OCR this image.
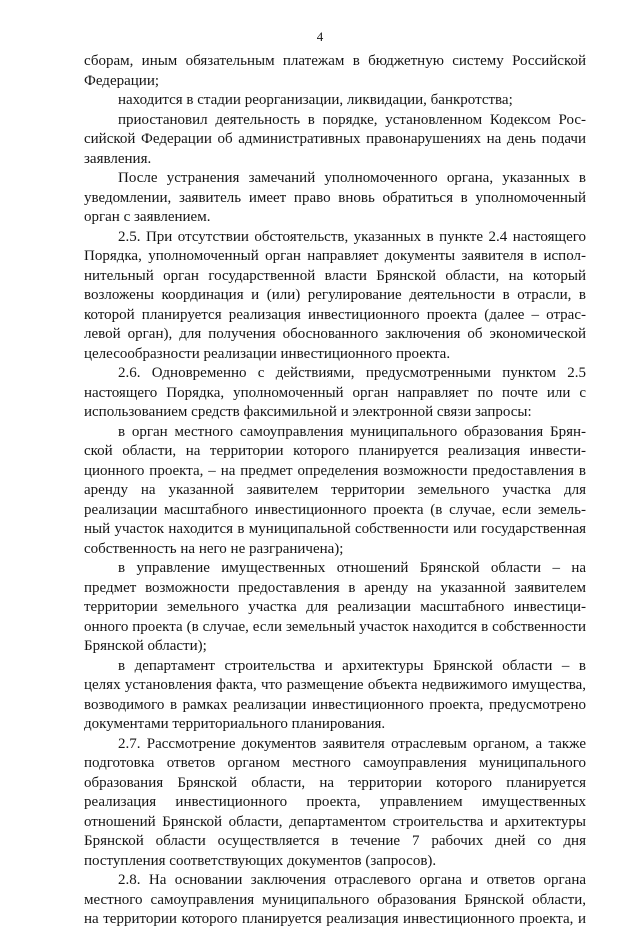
4
сборам, иным обязательным платежам в бюджетную систему Российской
Федерации;
находится в стадии реорганизации, ликвидации, банкротства;
приостановил деятельность в порядке, установленном Кодексом Рос-
сийской Федерации об административных правонарушениях на день подачи
заявления.
После устранения замечаний уполномоченного органа, указанных в
уведомлении, заявитель имеет право вновь обратиться в уполномоченный
орган с заявлением.
2.5. При отсутствии обстоятельств, указанных в пункте 2.4 настоящего
Порядка, уполномоченный орган направляет документы заявителя в испол-
нительный орган государственной власти Брянской области, на который
возложены координация и (или) регулирование деятельности в отрасли, в
которой планируется реализация инвестиционного проекта (далее – отрас-
левой орган), для получения обоснованного заключения об экономической
целесообразности реализации инвестиционного проекта.
2.6. Одновременно с действиями, предусмотренными пунктом 2.5
настоящего Порядка, уполномоченный орган направляет по почте или с
использованием средств факсимильной и электронной связи запросы:
в орган местного самоуправления муниципального образования Брян-
ской области, на территории которого планируется реализация инвести-
ционного проекта, – на предмет определения возможности предоставления в
аренду на указанной заявителем территории земельного участка для
реализации масштабного инвестиционного проекта (в случае, если земель-
ный участок находится в муниципальной собственности или государственная
собственность на него не разграничена);
в управление имущественных отношений Брянской области – на
предмет возможности предоставления в аренду на указанной заявителем
территории земельного участка для реализации масштабного инвестици-
онного проекта (в случае, если земельный участок находится в собственности
Брянской области);
в департамент строительства и архитектуры Брянской области – в
целях установления факта, что размещение объекта недвижимого имущества,
возводимого в рамках реализации инвестиционного проекта, предусмотрено
документами территориального планирования.
2.7. Рассмотрение документов заявителя отраслевым органом, а также
подготовка ответов органом местного самоуправления муниципального
образования Брянской области, на территории которого планируется
реализация инвестиционного проекта, управлением имущественных
отношений Брянской области, департаментом строительства и архитектуры
Брянской области осуществляется в течение 7 рабочих дней со дня
поступления соответствующих документов (запросов).
2.8. На основании заключения отраслевого органа и ответов органа
местного самоуправления муниципального образования Брянской области,
на территории которого планируется реализация инвестиционного проекта, и
